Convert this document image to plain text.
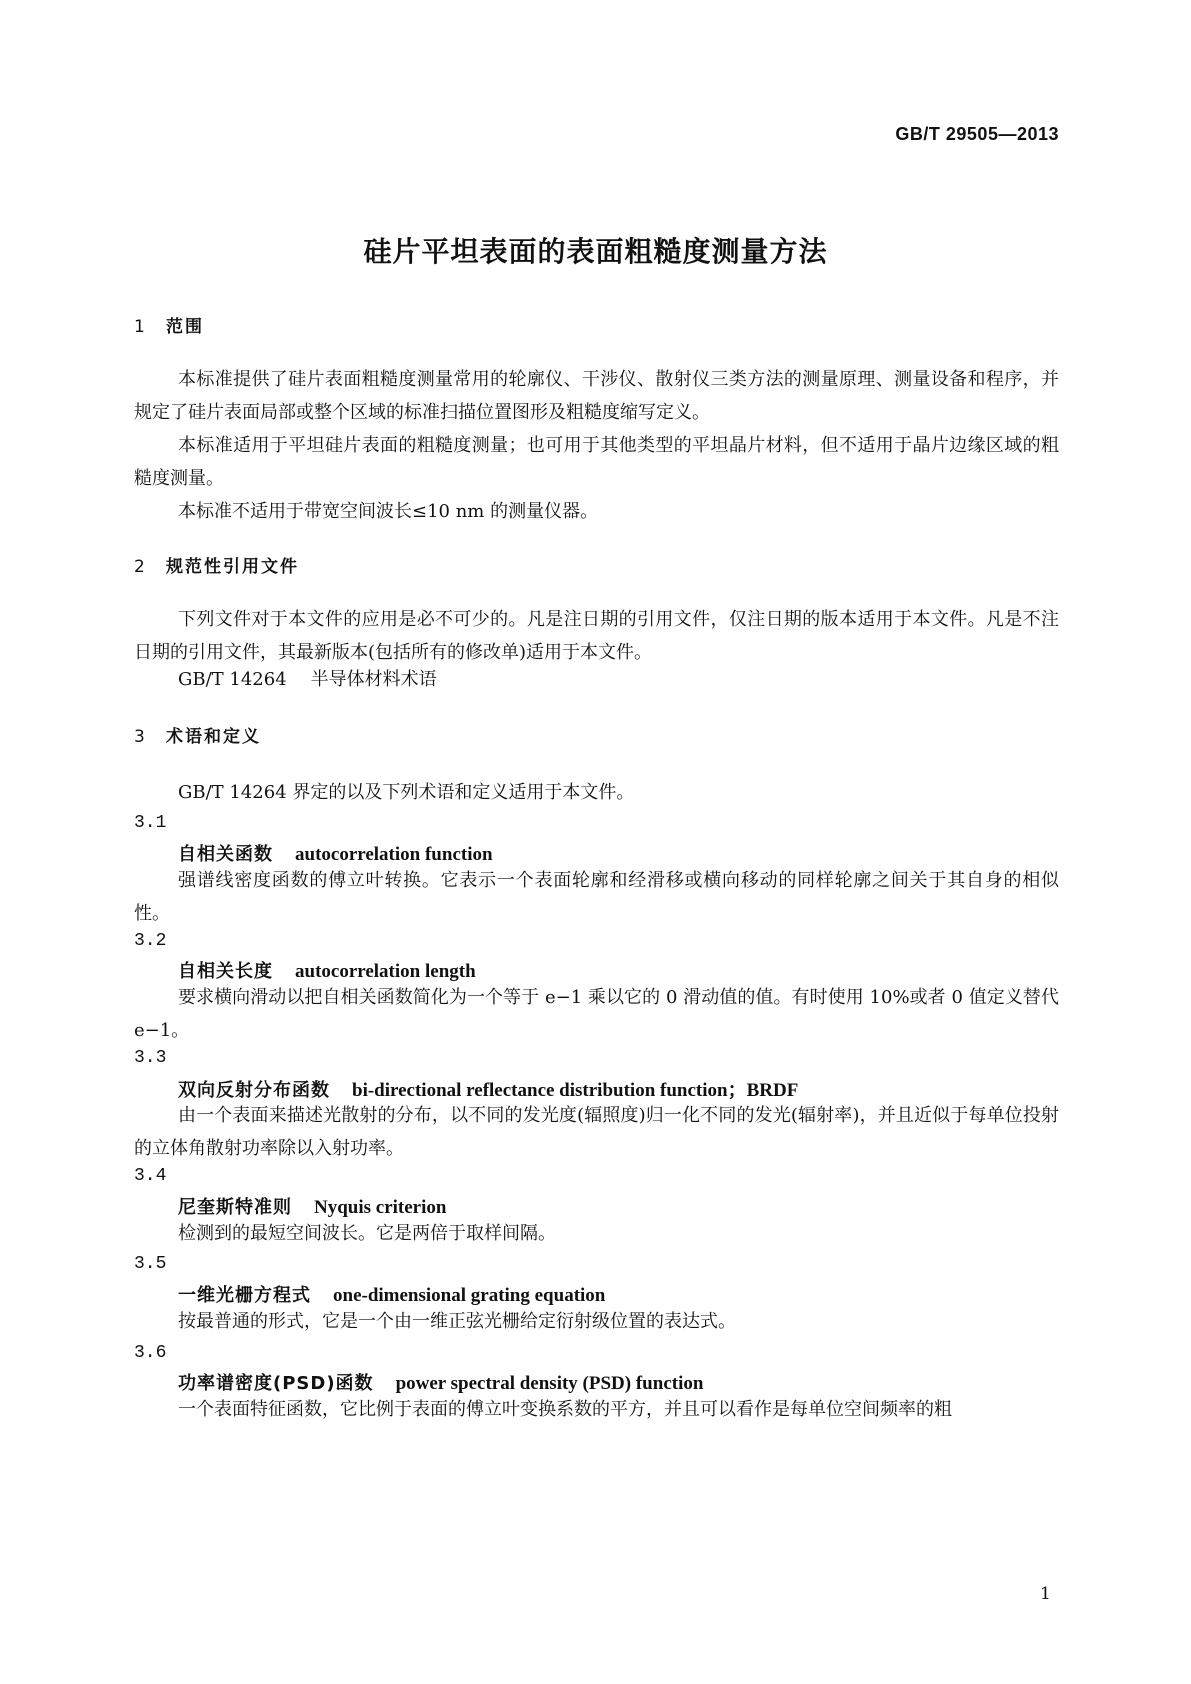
GB/T 29505—2013
硅片平坦表面的表面粗糙度测量方法
1 范围

本标准提供了硅片表面粗糙度测量常用的轮廓仪、干涉仪、散射仪三类方法的测量原理、测量设备和程序，并规定了硅片表面局部或整个区域的标准扫描位置图形及粗糙度缩写定义。

本标准适用于平坦硅片表面的粗糙度测量；也可用于其他类型的平坦晶片材料，但不适用于晶片边缘区域的粗糙度测量。

本标准不适用于带宽空间波长≤10 nm 的测量仪器。

2 规范性引用文件

下列文件对于本文件的应用是必不可少的。凡是注日期的引用文件，仅注日期的版本适用于本文件。凡是不注日期的引用文件，其最新版本(包括所有的修改单)适用于本文件。

GB/T 14264 半导体材料术语
3 术语和定义

GB/T 14264 界定的以及下列术语和定义适用于本文件。

3.1
自相关函数 autocorrelation function

强谱线密度函数的傅立叶转换。它表示一个表面轮廓和经滑移或横向移动的同样轮廓之间关于其自身的相似性。

3.2
自相关长度 autocorrelation length

要求横向滑动以把自相关函数简化为一个等于 e−1 乘以它的 0 滑动值的值。有时使用 10%或者 0 值定义替代 e−1。

3.3
双向反射分布函数 bi-directional reflectance distribution function；BRDF

由一个表面来描述光散射的分布，以不同的发光度(辐照度)归一化不同的发光(辐射率)，并且近似于每单位投射的立体角散射功率除以入射功率。

3.4
尼奎斯特准则 Nyquis criterion

检测到的最短空间波长。它是两倍于取样间隔。

3.5
一维光栅方程式 one-dimensional grating equation

按最普通的形式，它是一个由一维正弦光栅给定衍射级位置的表达式。

3.6
功率谱密度(PSD)函数 power spectral density (PSD) function

一个表面特征函数，它比例于表面的傅立叶变换系数的平方，并且可以看作是每单位空间频率的粗

1
